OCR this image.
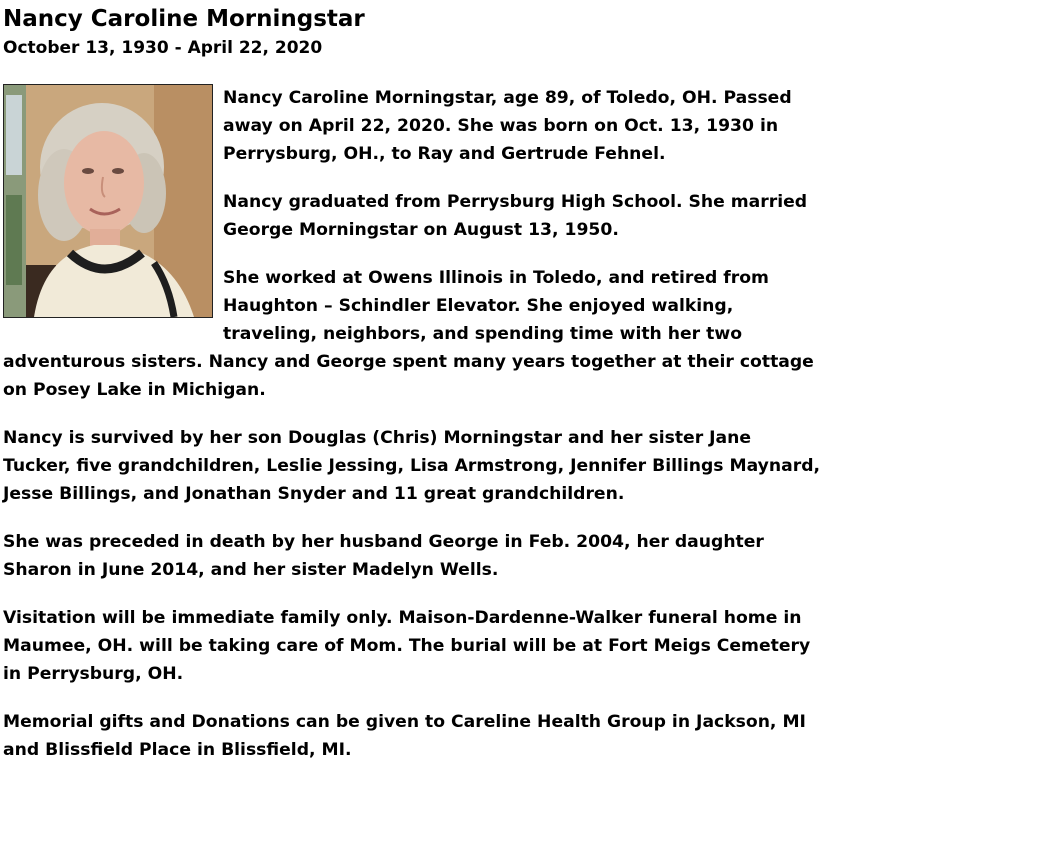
Nancy Caroline Morningstar
October 13, 1930 - April 22, 2020

Nancy Caroline Morningstar, age 89, of Toledo, OH. Passed away on April 22, 2020. She was born on Oct. 13, 1930 in Perrysburg, OH., to Ray and Gertrude Fehnel.

Nancy graduated from Perrysburg High School. She married George Morningstar on August 13, 1950.

She worked at Owens Illinois in Toledo, and retired from Haughton – Schindler Elevator. She enjoyed walking, traveling, neighbors, and spending time with her two adventurous sisters. Nancy and George spent many years together at their cottage on Posey Lake in Michigan.

Nancy is survived by her son Douglas (Chris) Morningstar and her sister Jane Tucker, five grandchildren, Leslie Jessing, Lisa Armstrong, Jennifer Billings Maynard, Jesse Billings, and Jonathan Snyder and 11 great grandchildren.

She was preceded in death by her husband George in Feb. 2004, her daughter Sharon in June 2014, and her sister Madelyn Wells.

Visitation will be immediate family only. Maison-Dardenne-Walker funeral home in Maumee, OH. will be taking care of Mom. The burial will be at Fort Meigs Cemetery in Perrysburg, OH.

Memorial gifts and Donations can be given to Careline Health Group in Jackson, MI and Blissfield Place in Blissfield, MI.
